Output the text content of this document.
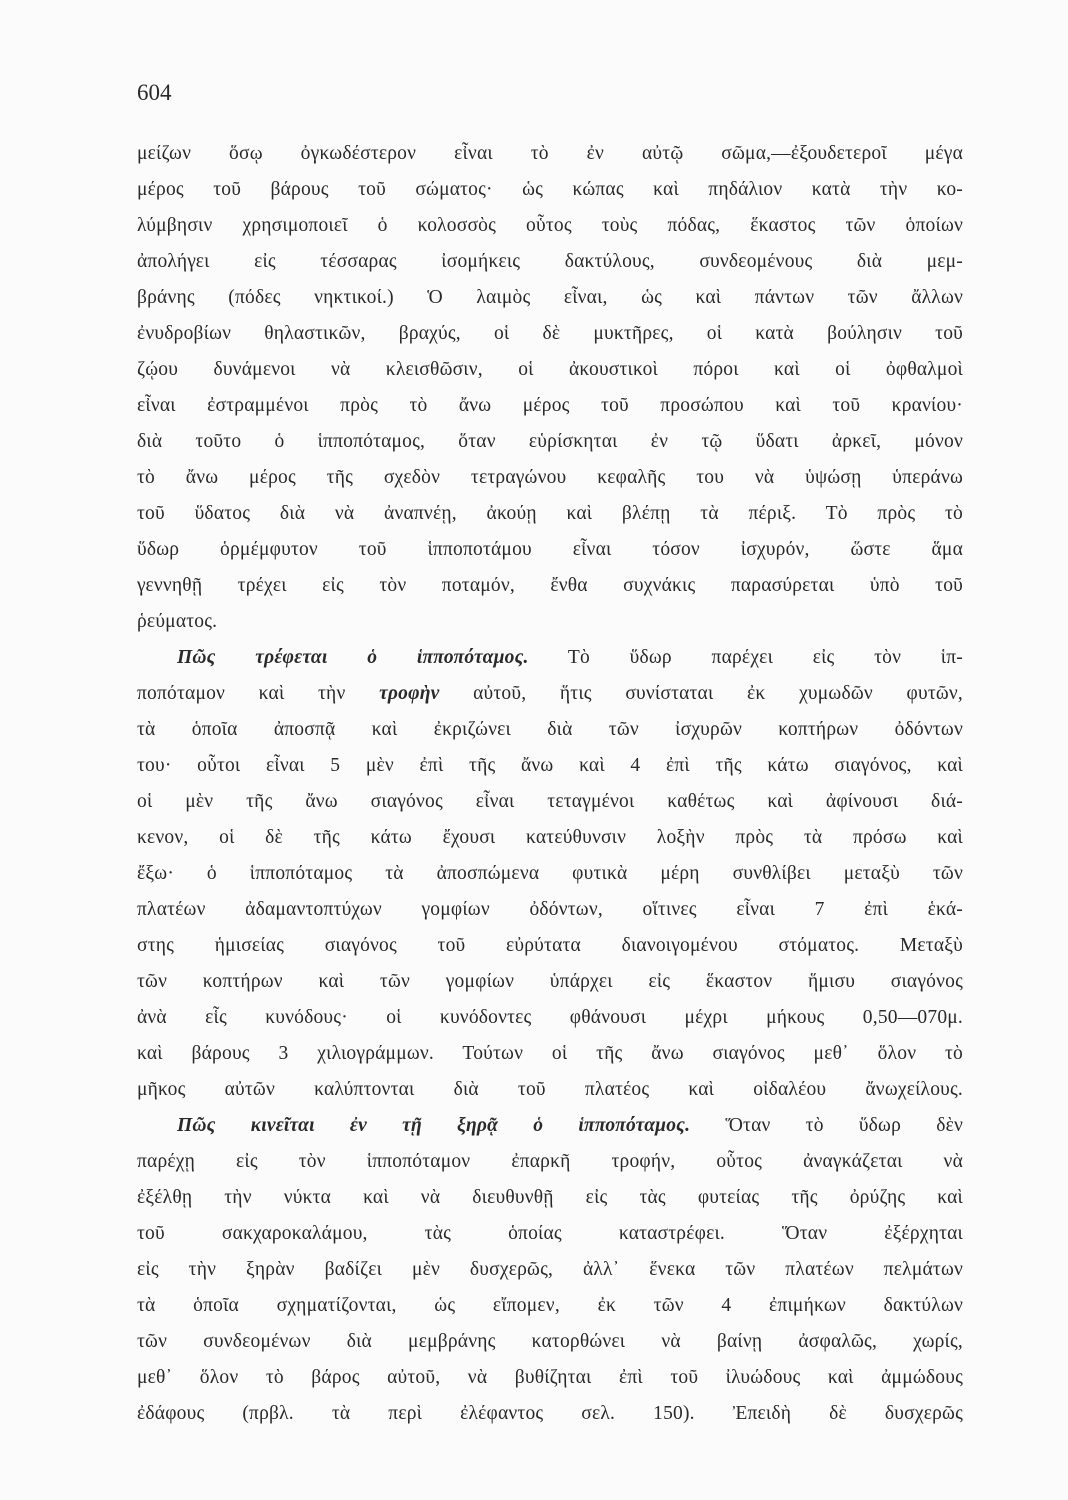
604
μείζων ὅσῳ ὀγκωδέστερον εἶναι τὸ ἐν αὐτῷ σῶμα,—ἐξουδετεροῖ μέγα
μέρος τοῦ βάρους τοῦ σώματος· ὡς κώπας καὶ πηδάλιον κατὰ τὴν κο-
λύμβησιν χρησιμοποιεῖ ὁ κολοσσὸς οὗτος τοὺς πόδας, ἕκαστος τῶν ὁποίων
ἀπολήγει εἰς τέσσαρας ἰσομήκεις δακτύλους, συνδεομένους διὰ μεμ-
βράνης (πόδες νηκτικοί.) Ὁ λαιμὸς εἶναι, ὡς καὶ πάντων τῶν ἄλλων
ἐνυδροβίων θηλαστικῶν, βραχύς, οἱ δὲ μυκτῆρες, οἱ κατὰ βούλησιν τοῦ
ζῴου δυνάμενοι νὰ κλεισθῶσιν, οἱ ἀκουστικοὶ πόροι καὶ οἱ ὀφθαλμοὶ
εἶναι ἐστραμμένοι πρὸς τὸ ἄνω μέρος τοῦ προσώπου καὶ τοῦ κρανίου·
διὰ τοῦτο ὁ ἱπποπόταμος, ὅταν εὑρίσκηται ἐν τῷ ὕδατι ἀρκεῖ, μόνον
τὸ ἄνω μέρος τῆς σχεδὸν τετραγώνου κεφαλῆς του νὰ ὑψώσῃ ὑπεράνω
τοῦ ὕδατος διὰ νὰ ἀναπνέῃ, ἀκούῃ καὶ βλέπῃ τὰ πέριξ. Τὸ πρὸς τὸ
ὕδωρ ὁρμέμφυτον τοῦ ἱπποποτάμου εἶναι τόσον ἰσχυρόν, ὥστε ἅμα
γεννηθῇ τρέχει εἰς τὸν ποταμόν, ἔνθα συχνάκις παρασύρεται ὑπὸ τοῦ
ῥεύματος.
Πῶς τρέφεται ὁ ἱπποπόταμος. Τὸ ὕδωρ παρέχει εἰς τὸν ἱπ-
ποπόταμον καὶ τὴν τροφὴν αὐτοῦ, ἥτις συνίσταται ἐκ χυμωδῶν φυτῶν,
τὰ ὁποῖα ἀποσπᾷ καὶ ἐκριζώνει διὰ τῶν ἰσχυρῶν κοπτήρων ὀδόντων
του· οὗτοι εἶναι 5 μὲν ἐπὶ τῆς ἄνω καὶ 4 ἐπὶ τῆς κάτω σιαγόνος, καὶ
οἱ μὲν τῆς ἄνω σιαγόνος εἶναι τεταγμένοι καθέτως καὶ ἀφίνουσι διά-
κενον, οἱ δὲ τῆς κάτω ἔχουσι κατεύθυνσιν λοξὴν πρὸς τὰ πρόσω καὶ
ἔξω· ὁ ἱπποπόταμος τὰ ἀποσπώμενα φυτικὰ μέρη συνθλίβει μεταξὺ τῶν
πλατέων ἀδαμαντοπτύχων γομφίων ὀδόντων, οἵτινες εἶναι 7 ἐπὶ ἑκά-
στης ἡμισείας σιαγόνος τοῦ εὐρύτατα διανοιγομένου στόματος. Μεταξὺ
τῶν κοπτήρων καὶ τῶν γομφίων ὑπάρχει εἰς ἕκαστον ἥμισυ σιαγόνος
ἀνὰ εἷς κυνόδους· οἱ κυνόδοντες φθάνουσι μέχρι μήκους 0,50—070μ.
καὶ βάρους 3 χιλιογράμμων. Τούτων οἱ τῆς ἄνω σιαγόνος μεθ᾽ ὅλον τὸ
μῆκος αὐτῶν καλύπτονται διὰ τοῦ πλατέος καὶ οἰδαλέου ἄνωχείλους.
Πῶς κινεῖται ἐν τῇ ξηρᾷ ὁ ἱπποπόταμος. Ὅταν τὸ ὕδωρ δὲν
παρέχῃ εἰς τὸν ἱπποπόταμον ἐπαρκῆ τροφήν, οὗτος ἀναγκάζεται νὰ
ἐξέλθῃ τὴν νύκτα καὶ νὰ διευθυνθῇ εἰς τὰς φυτείας τῆς ὀρύζης καὶ
τοῦ σακχαροκαλάμου, τὰς ὁποίας καταστρέφει. Ὅταν ἐξέρχηται
εἰς τὴν ξηρὰν βαδίζει μὲν δυσχερῶς, ἀλλ᾽ ἕνεκα τῶν πλατέων πελμάτων
τὰ ὁποῖα σχηματίζονται, ὡς εἴπομεν, ἐκ τῶν 4 ἐπιμήκων δακτύλων
τῶν συνδεομένων διὰ μεμβράνης κατορθώνει νὰ βαίνῃ ἀσφαλῶς, χωρίς,
μεθ᾽ ὅλον τὸ βάρος αὐτοῦ, νὰ βυθίζηται ἐπὶ τοῦ ἰλυώδους καὶ ἀμμώδους
ἐδάφους (πρβλ. τὰ περὶ ἐλέφαντος σελ. 150). Ἐπειδὴ δὲ δυσχερῶς
